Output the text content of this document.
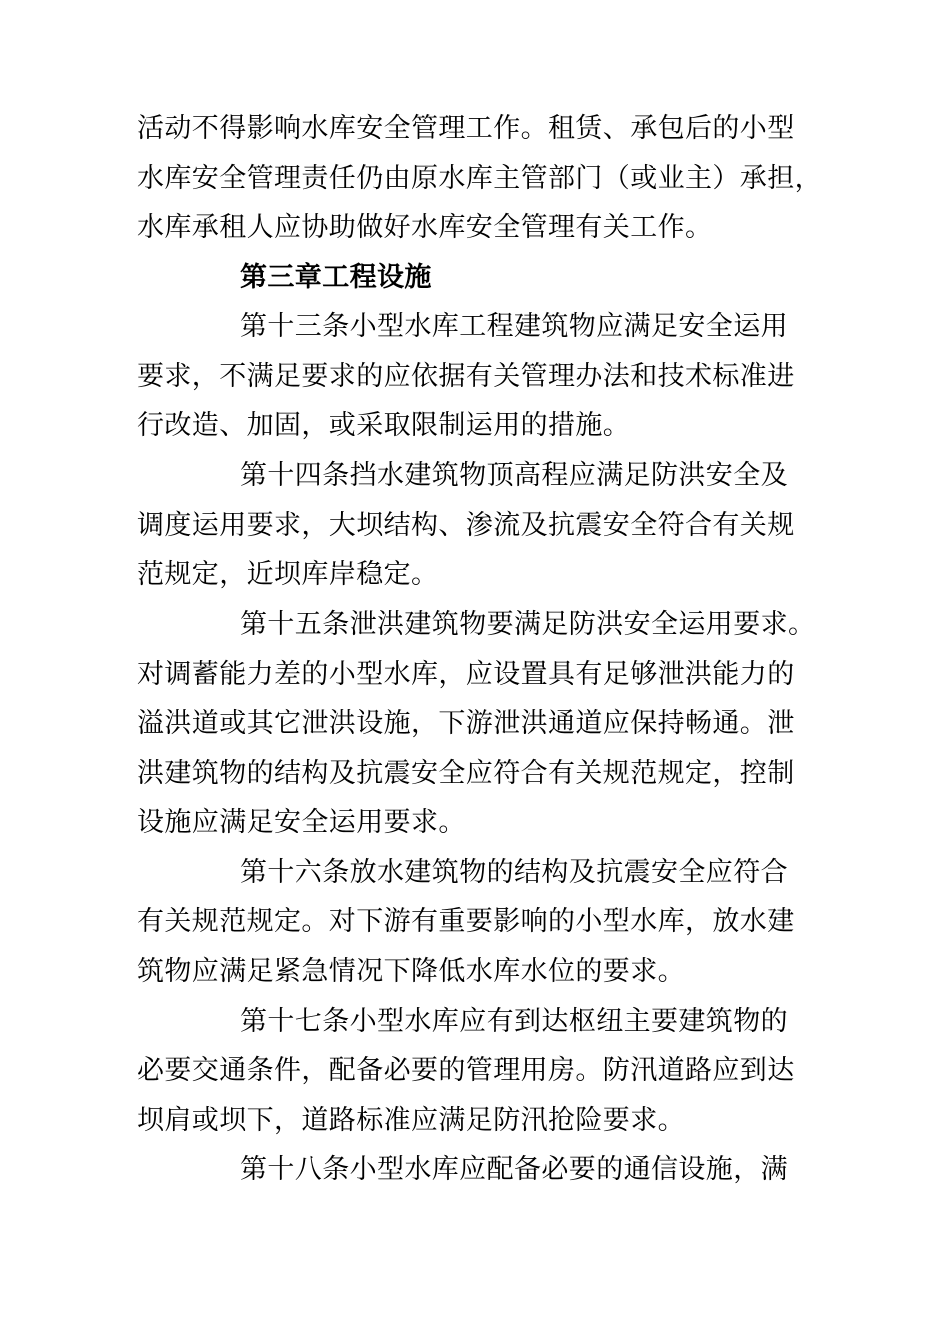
活动不得影响水库安全管理工作。租赁、承包后的小型
水库安全管理责任仍由原水库主管部门（或业主）承担，
水库承租人应协助做好水库安全管理有关工作。
第三章工程设施
第十三条小型水库工程建筑物应满足安全运用
要求，不满足要求的应依据有关管理办法和技术标准进
行改造、加固，或采取限制运用的措施。
第十四条挡水建筑物顶高程应满足防洪安全及
调度运用要求，大坝结构、渗流及抗震安全符合有关规
范规定，近坝库岸稳定。
第十五条泄洪建筑物要满足防洪安全运用要求。
对调蓄能力差的小型水库，应设置具有足够泄洪能力的
溢洪道或其它泄洪设施，下游泄洪通道应保持畅通。泄
洪建筑物的结构及抗震安全应符合有关规范规定，控制
设施应满足安全运用要求。
第十六条放水建筑物的结构及抗震安全应符合
有关规范规定。对下游有重要影响的小型水库，放水建
筑物应满足紧急情况下降低水库水位的要求。
第十七条小型水库应有到达枢纽主要建筑物的
必要交通条件，配备必要的管理用房。防汛道路应到达
坝肩或坝下，道路标准应满足防汛抢险要求。
第十八条小型水库应配备必要的通信设施，满
